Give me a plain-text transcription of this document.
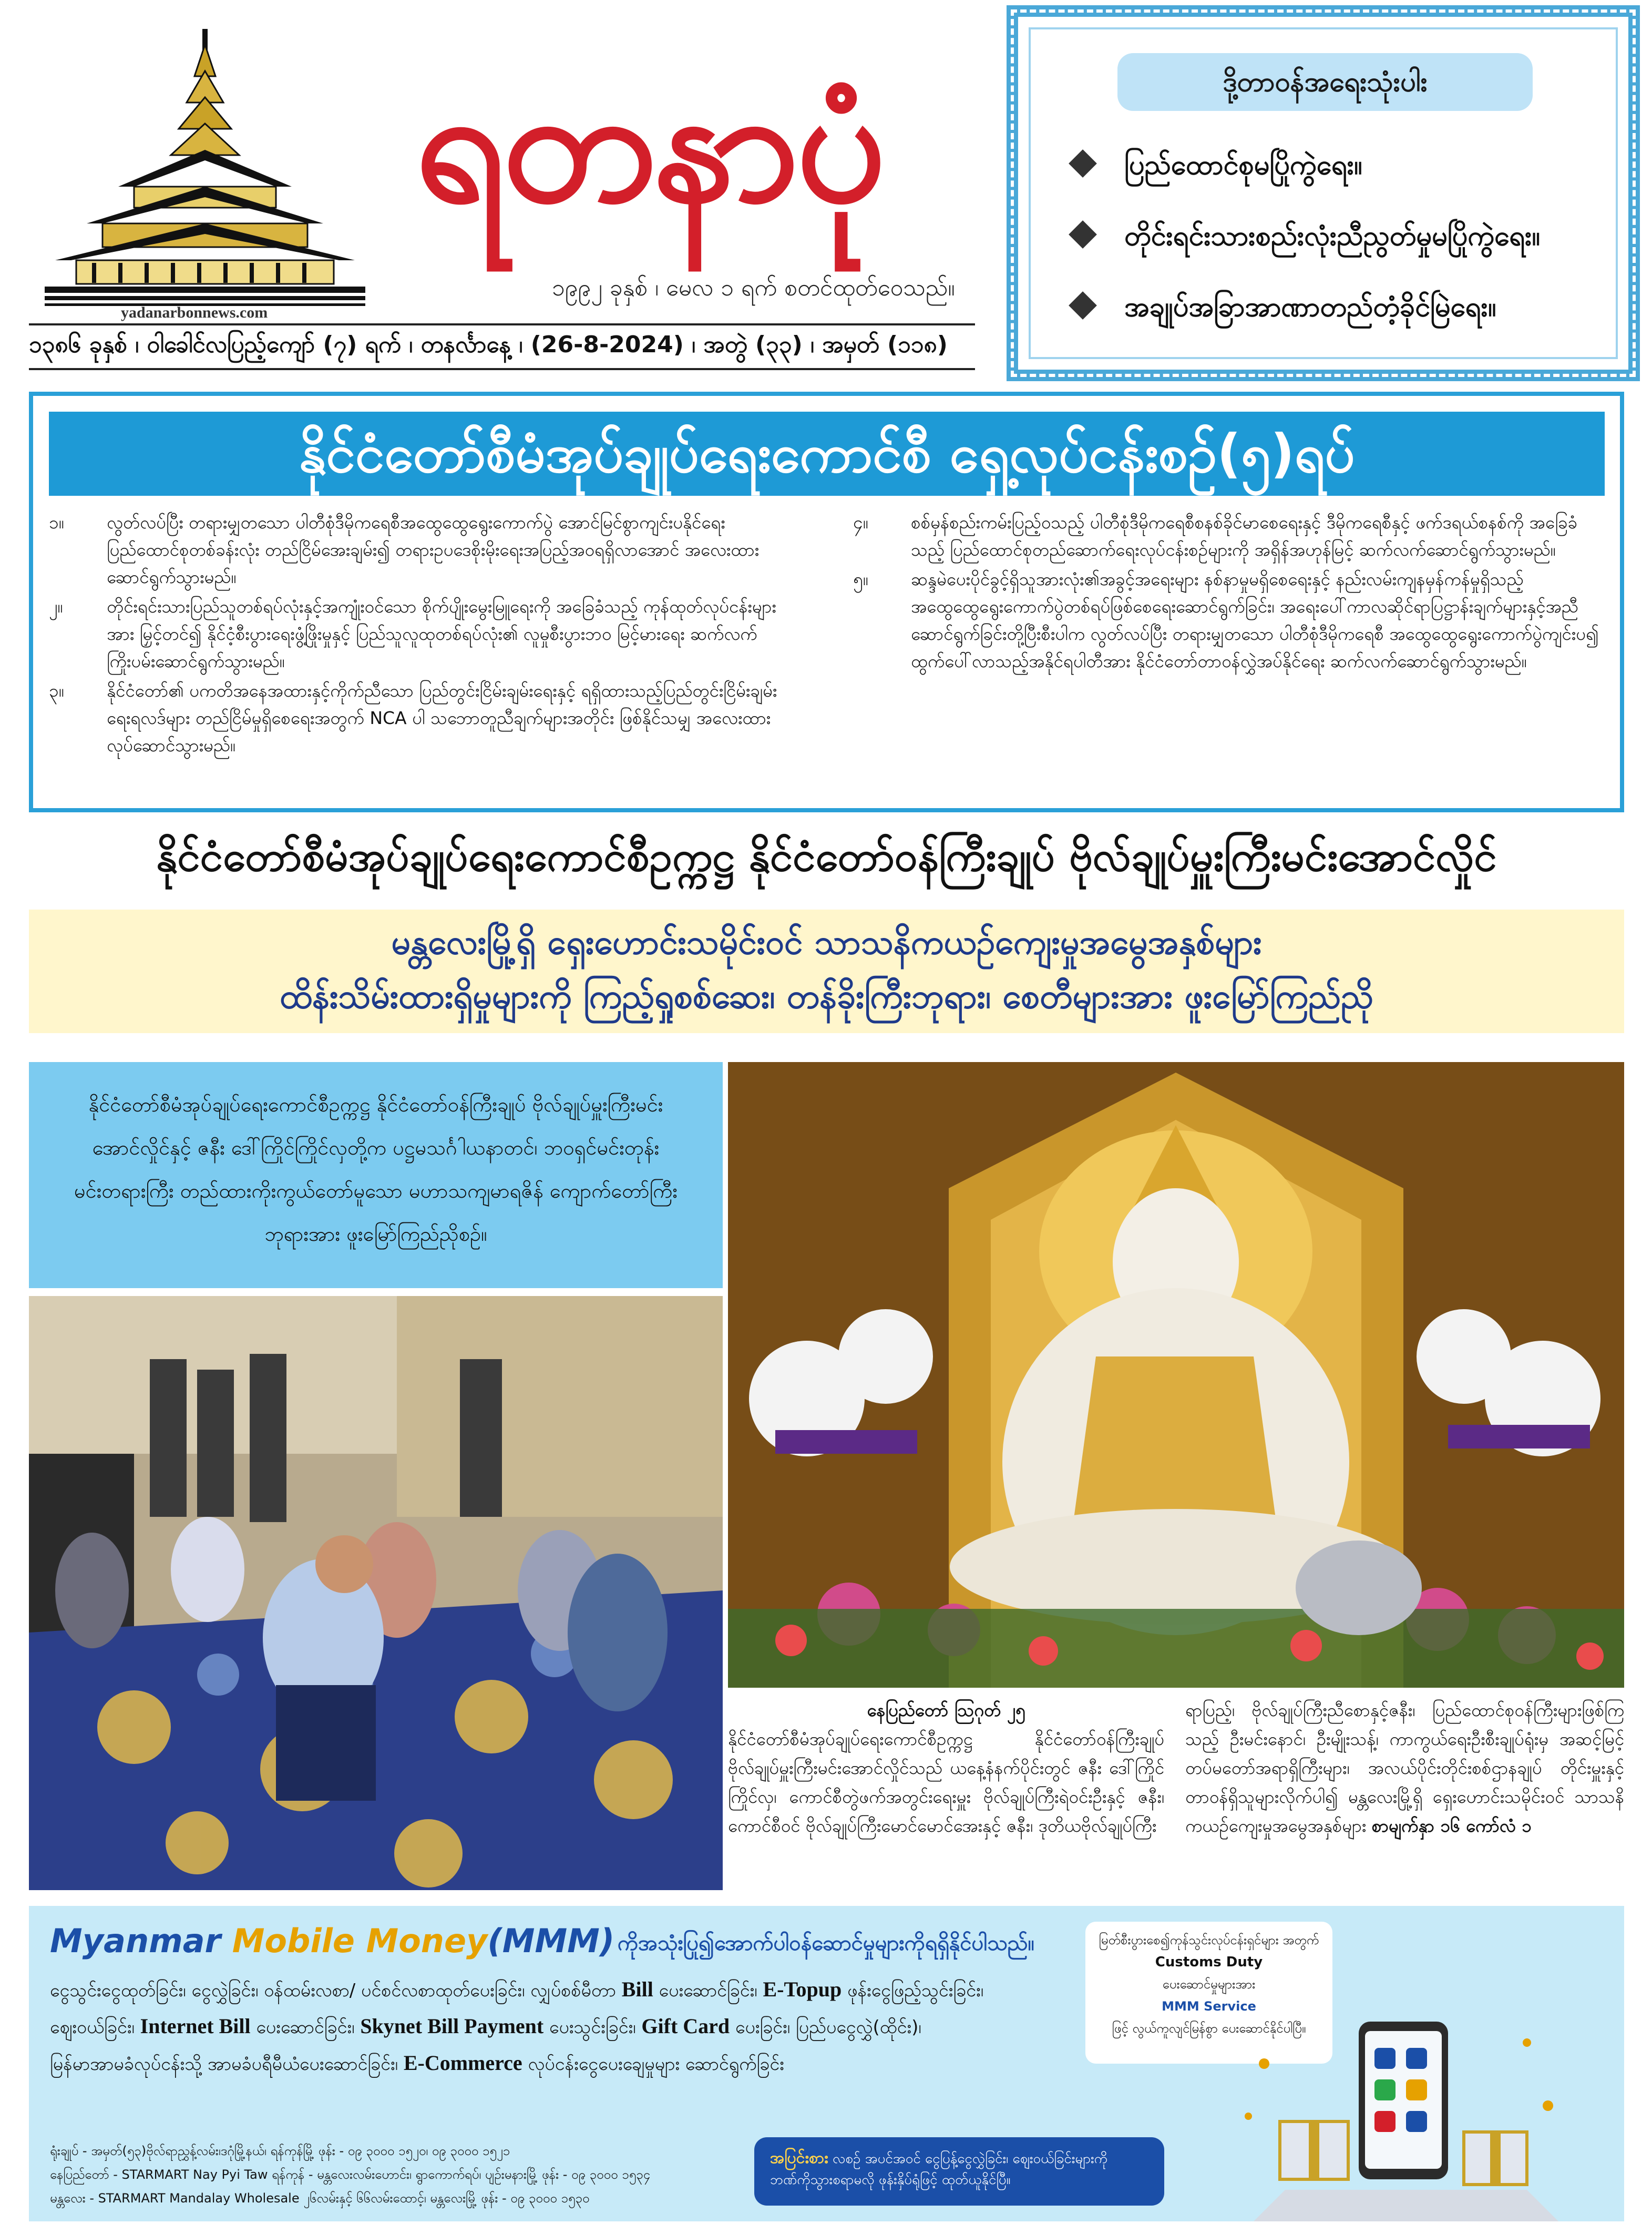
yadanarbonnews.com
ရတနာပုံ
၁၉၉၂ ခုနှစ် ၊ မေလ ၁ ရက် စတင်ထုတ်ဝေသည်။
၁၃၈၆ ခုနှစ် ၊ ဝါခေါင်လပြည့်ကျော် (၇) ရက် ၊ တနင်္လာနေ့ ၊ (26-8-2024) ၊ အတွဲ (၃၃) ၊ အမှတ် (၁၁၈)
ဒို့တာဝန်အရေးသုံးပါး
ပြည်ထောင်စုမပြိုကွဲရေး။
တိုင်းရင်းသားစည်းလုံးညီညွတ်မှုမပြိုကွဲရေး။
အချုပ်အခြာအာဏာတည်တံ့ခိုင်မြဲရေး။
နိုင်ငံတော်စီမံအုပ်ချုပ်ရေးကောင်စီ ရှေ့လုပ်ငန်းစဉ်(၅)ရပ်
၁။	လွတ်လပ်ပြီး တရားမျှတသော ပါတီစုံဒီမိုကရေစီအထွေထွေရွေးကောက်ပွဲ အောင်မြင်စွာကျင်းပနိုင်ရေး ပြည်ထောင်စုတစ်ခန်းလုံး တည်ငြိမ်အေးချမ်း၍ တရားဥပဒေစိုးမိုးရေးအပြည့်အဝရရှိလာအောင် အလေးထားဆောင်ရွက်သွားမည်။
၂။	တိုင်းရင်းသားပြည်သူတစ်ရပ်လုံးနှင့်အကျုံးဝင်သော စိုက်ပျိုးမွေးမြူရေးကို အခြေခံသည့် ကုန်ထုတ်လုပ်ငန်းများအား မြှင့်တင်၍ နိုင်ငံ့စီးပွားရေးဖွံ့ဖြိုးမှုနှင့် ပြည်သူလူထုတစ်ရပ်လုံး၏ လူမှုစီးပွားဘဝ မြင့်မားရေး ဆက်လက်ကြိုးပမ်းဆောင်ရွက်သွားမည်။
၃။	နိုင်ငံတော်၏ ပကတိအနေအထားနှင့်ကိုက်ညီသော ပြည်တွင်းငြိမ်းချမ်းရေးနှင့် ရရှိထားသည့်ပြည်တွင်းငြိမ်းချမ်းရေးရလဒ်များ တည်ငြိမ်မှုရှိစေရေးအတွက် NCA ပါ သဘောတူညီချက်များအတိုင်း ဖြစ်နိုင်သမျှ အလေးထားလုပ်ဆောင်သွားမည်။
၄။	စစ်မှန်စည်းကမ်းပြည့်ဝသည့် ပါတီစုံဒီမိုကရေစီစနစ်ခိုင်မာစေရေးနှင့် ဒီမိုကရေစီနှင့် ဖက်ဒရယ်စနစ်ကို အခြေခံသည့် ပြည်ထောင်စုတည်ဆောက်ရေးလုပ်ငန်းစဉ်များကို အရှိန်အဟုန်မြင့် ဆက်လက်ဆောင်ရွက်သွားမည်။
၅။	ဆန္ဒမဲပေးပိုင်ခွင့်ရှိသူအားလုံး၏အခွင့်အရေးများ နစ်နာမှုမရှိစေရေးနှင့် နည်းလမ်းကျနမှန်ကန်မှုရှိသည့် အထွေထွေရွေးကောက်ပွဲတစ်ရပ်ဖြစ်စေရေးဆောင်ရွက်ခြင်း၊ အရေးပေါ်ကာလဆိုင်ရာပြဋ္ဌာန်းချက်များနှင့်အညီ ဆောင်ရွက်ခြင်းတို့ပြီးစီးပါက လွတ်လပ်ပြီး တရားမျှတသော ပါတီစုံဒီမိုကရေစီ အထွေထွေရွေးကောက်ပွဲကျင်းပ၍ ထွက်ပေါ်လာသည့်အနိုင်ရပါတီအား နိုင်ငံတော်တာဝန်လွှဲအပ်နိုင်ရေး ဆက်လက်ဆောင်ရွက်သွားမည်။
နိုင်ငံတော်စီမံအုပ်ချုပ်ရေးကောင်စီဥက္ကဋ္ဌ နိုင်ငံတော်ဝန်ကြီးချုပ် ဗိုလ်ချုပ်မှူးကြီးမင်းအောင်လှိုင်
မန္တလေးမြို့ရှိ ရှေးဟောင်းသမိုင်းဝင် သာသနိကယဉ်ကျေးမှုအမွေအနှစ်များ
ထိန်းသိမ်းထားရှိမှုများကို ကြည့်ရှုစစ်ဆေး၊ တန်ခိုးကြီးဘုရား၊ စေတီများအား ဖူးမြော်ကြည်ညို
နိုင်ငံတော်စီမံအုပ်ချုပ်ရေးကောင်စီဥက္ကဋ္ဌ နိုင်ငံတော်ဝန်ကြီးချုပ် ဗိုလ်ချုပ်မှူးကြီးမင်းအောင်လှိုင်နှင့် ဇနီး ဒေါ်ကြိုင်ကြိုင်လှတို့က ပဋ္ဌမသင်္ဂါယနာတင်၊ ဘဝရှင်မင်းတုန်းမင်းတရားကြီး တည်ထားကိုးကွယ်တော်မူသော မဟာသကျမာရဇိန် ကျောက်တော်ကြီးဘုရားအား ဖူးမြော်ကြည်ညိုစဉ်။
နေပြည်တော် သြဂုတ် ၂၅
နိုင်ငံတော်စီမံအုပ်ချုပ်ရေးကောင်စီဥက္ကဋ္ဌ နိုင်ငံတော်ဝန်ကြီးချုပ် ဗိုလ်ချုပ်မှူးကြီးမင်းအောင်လှိုင်သည် ယနေ့နံနက်ပိုင်းတွင် ဇနီး ဒေါ်ကြိုင်ကြိုင်လှ၊ ကောင်စီတွဲဖက်အတွင်းရေးမှူး ဗိုလ်ချုပ်ကြီးရဲဝင်းဦးနှင့် ဇနီး၊ ကောင်စီဝင် ဗိုလ်ချုပ်ကြီးမောင်မောင်အေးနှင့် ဇနီး၊ ဒုတိယဗိုလ်ချုပ်ကြီး
ရာပြည့်၊ ဗိုလ်ချုပ်ကြီးညီစောနှင့်ဇနီး၊ ပြည်ထောင်စုဝန်ကြီးများဖြစ်ကြသည့် ဦးမင်းနောင်၊ ဦးမျိုးသန့်၊ ကာကွယ်ရေးဦးစီးချုပ်ရုံးမှ အဆင့်မြင့်တပ်မတော်အရာရှိကြီးများ၊ အလယ်ပိုင်းတိုင်းစစ်ဌာနချုပ် တိုင်းမှူးနှင့် တာဝန်ရှိသူများလိုက်ပါ၍ မန္တလေးမြို့ရှိ ရှေးဟောင်းသမိုင်းဝင် သာသနိကယဉ်ကျေးမှုအမွေအနှစ်များ စာမျက်နှာ ၁၆ ကော်လံ ၁
Myanmar Mobile Money(MMM) ကိုအသုံးပြု၍အောက်ပါဝန်ဆောင်မှုများကိုရရှိနိုင်ပါသည်။
ငွေသွင်းငွေထုတ်ခြင်း၊ ငွေလွှဲခြင်း၊ ဝန်ထမ်းလစာ/ ပင်စင်လစာထုတ်ပေးခြင်း၊ လျှပ်စစ်မီတာ Bill ပေးဆောင်ခြင်း၊ E-Topup ဖုန်းငွေဖြည့်သွင်းခြင်း၊
ဈေးဝယ်ခြင်း၊ Internet Bill ပေးဆောင်ခြင်း၊ Skynet Bill Payment ပေးသွင်းခြင်း၊ Gift Card ပေးခြင်း၊ ပြည်ပငွေလွှဲ(ထိုင်း)၊
မြန်မာအာမခံလုပ်ငန်းသို့ အာမခံပရီမီယံပေးဆောင်ခြင်း၊ E-Commerce လုပ်ငန်းငွေပေးချေမှုများ ဆောင်ရွက်ခြင်း
ရုံးချုပ် - အမှတ်(၅၃)ဗိုလ်ရာညွှန့်လမ်း၊ဒဂုံမြို့နယ်၊ ရန်ကုန်မြို့ ဖုန်း - ၀၉ ၃၀၀၀ ၁၅၂၀၊ ၀၉ ၃၀၀၀ ၁၅၂၁
နေပြည်တော် - STARMART Nay Pyi Taw ရန်ကုန် - မန္တလေးလမ်းဟောင်း၊ ရွာကောက်ရပ်၊ ပျဉ်းမနားမြို့ ဖုန်း - ၀၉ ၃၀၀၀ ၁၅၃၄
မန္တလေး - STARMART Mandalay Wholesale ၂၆လမ်းနှင့် ၆၆လမ်းထောင့်၊ မန္တလေးမြို့ ဖုန်း - ၀၉ ၃၀၀၀ ၁၅၃၀
အပြင်းစား လစဉ် အပင်အဝင် ငွေပြန့်ငွေလွှဲခြင်း၊ ဈေးဝယ်ခြင်းများကို
ဘဏ်ကိုသွားစရာမလို ဖုန်းနှိပ်ရုံဖြင့် ထုတ်ယူနိုင်ပြီ။
မြတ်စီးပွားစေ၍ကုန်သွင်းလုပ်ငန်းရှင်များ အတွက်
Customs Duty
ပေးဆောင်မှုများအား
MMM Service
ဖြင့် လွယ်ကူလျင်မြန်စွာ ပေးဆောင်နိုင်ပါပြီ။
